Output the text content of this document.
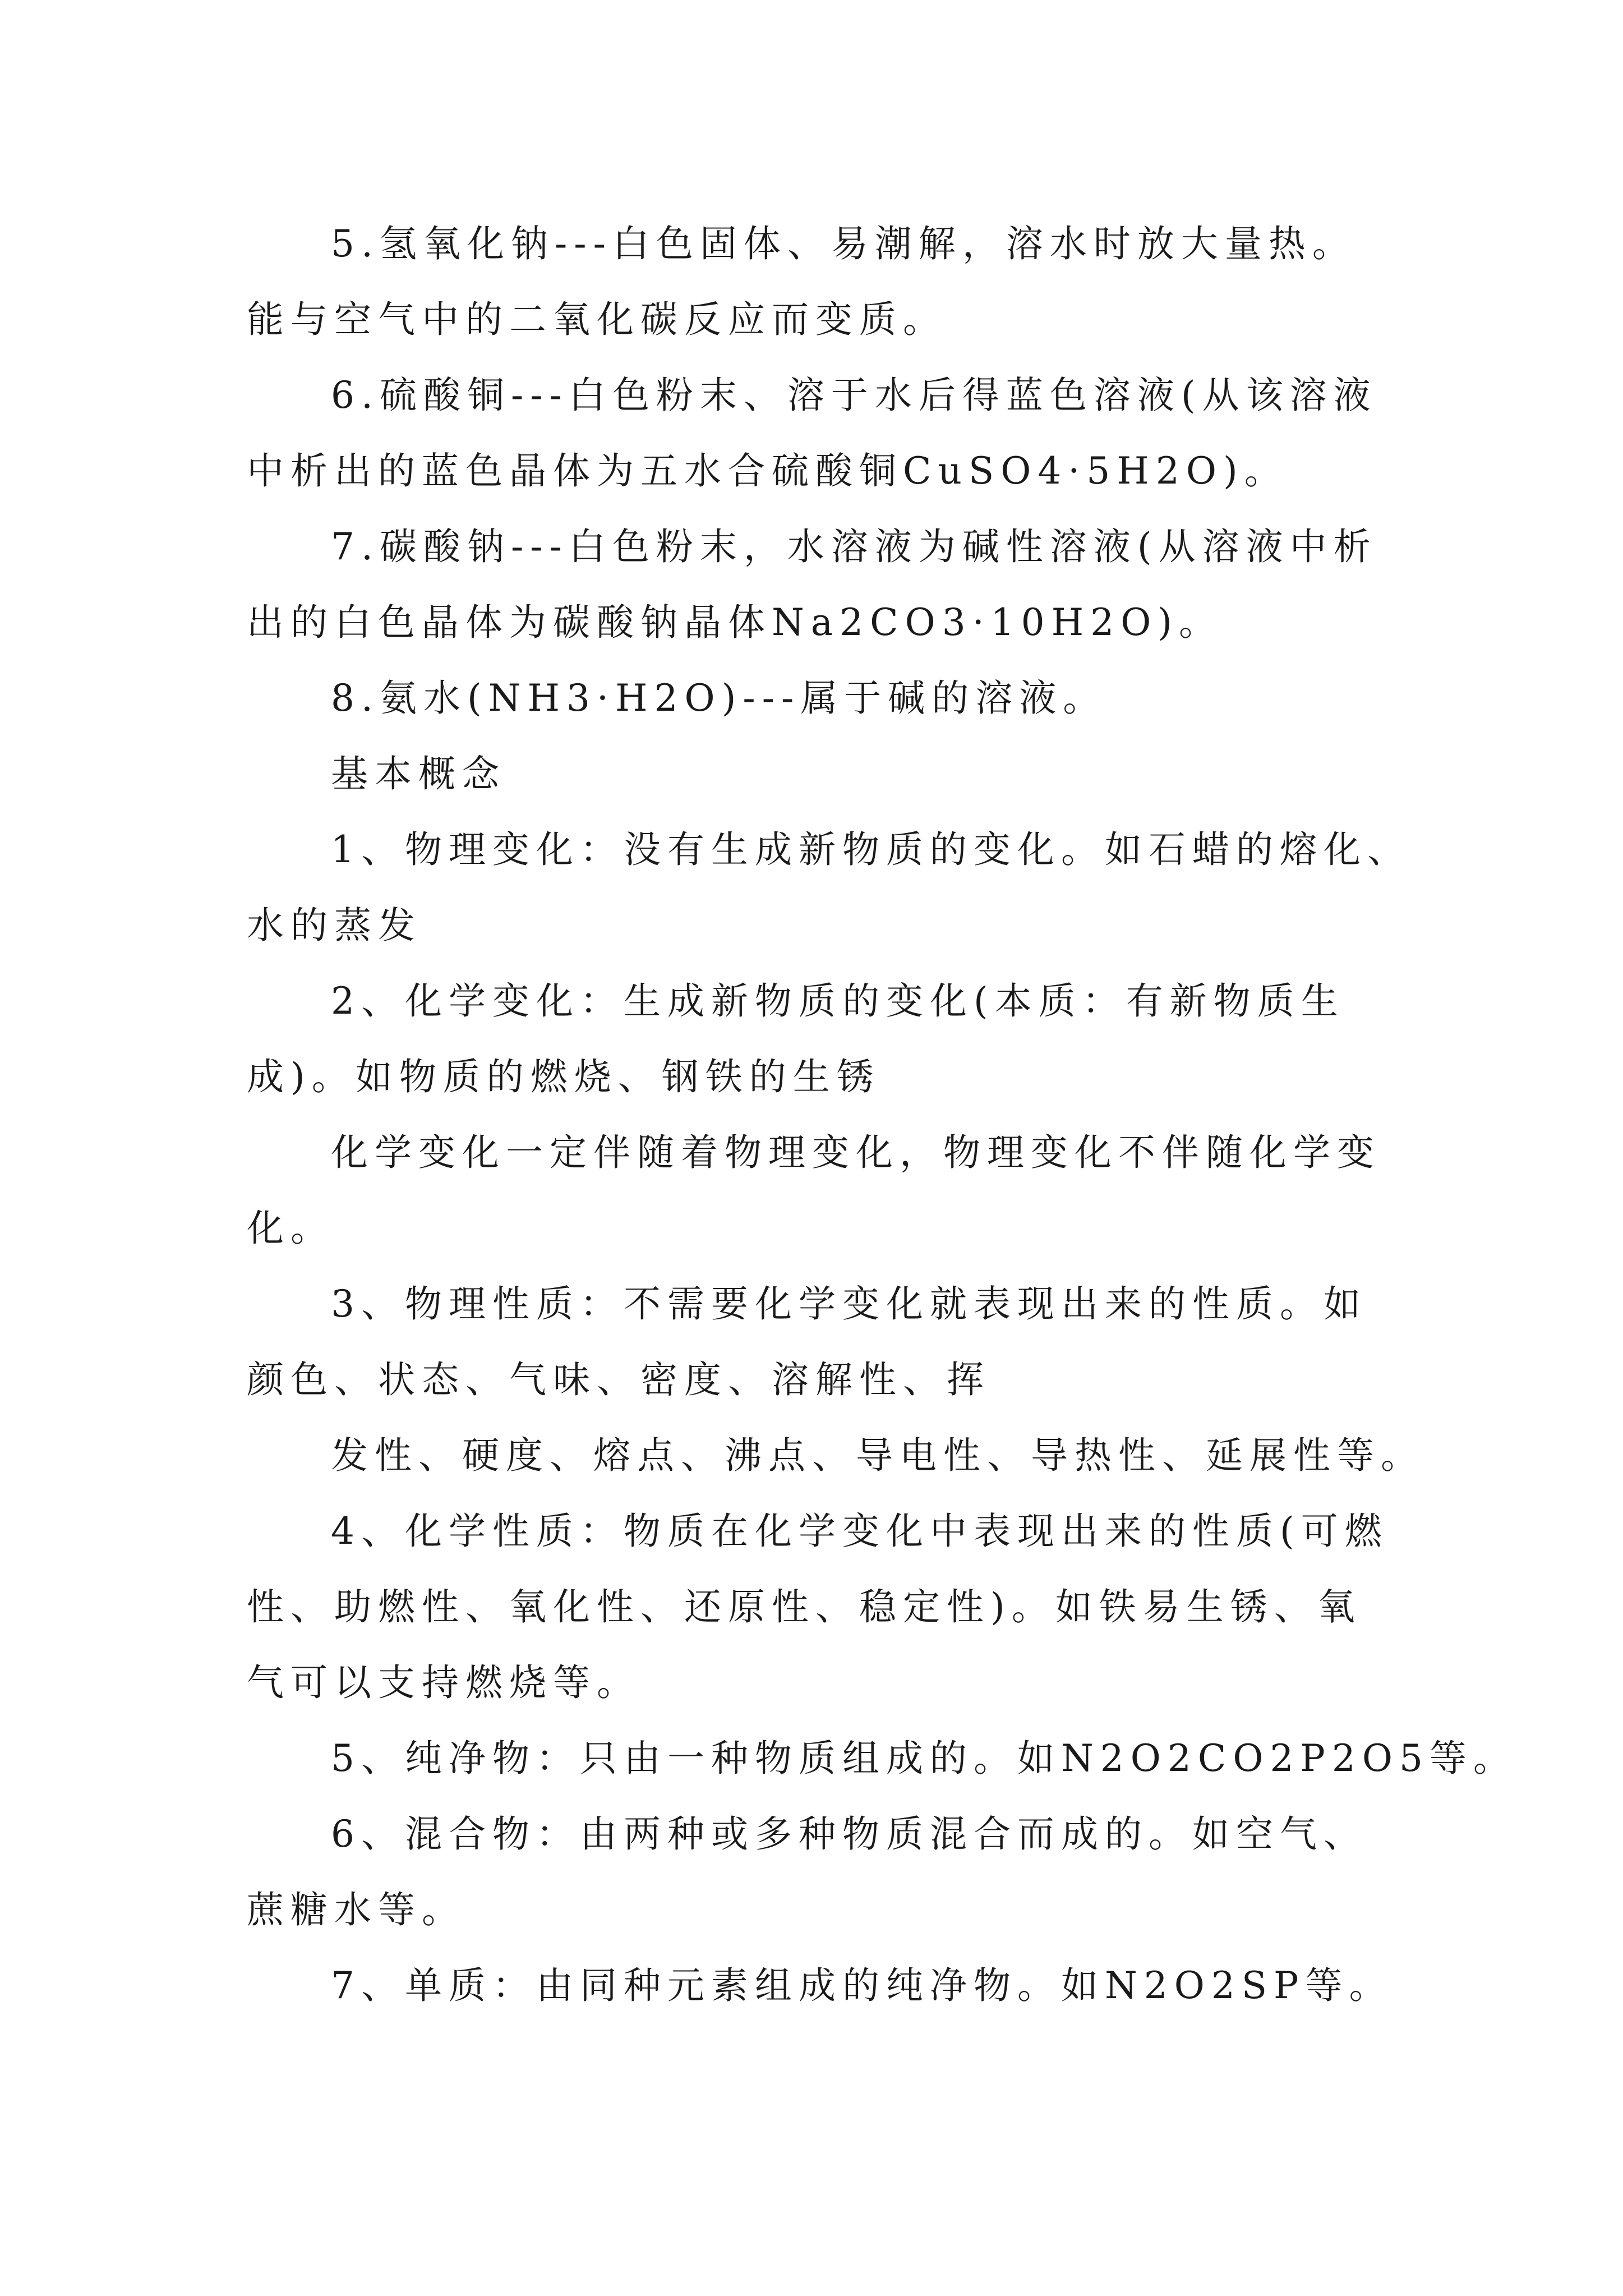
5.氢氧化钠---白色固体、易潮解，溶水时放大量热。
能与空气中的二氧化碳反应而变质。
6.硫酸铜---白色粉末、溶于水后得蓝色溶液(从该溶液
中析出的蓝色晶体为五水合硫酸铜CuSO4·5H2O)。
7.碳酸钠---白色粉末，水溶液为碱性溶液(从溶液中析
出的白色晶体为碳酸钠晶体Na2CO3·10H2O)。
8.氨水(NH3·H2O)---属于碱的溶液。
基本概念
1、物理变化：没有生成新物质的变化。如石蜡的熔化、
水的蒸发
2、化学变化：生成新物质的变化(本质：有新物质生
成)。如物质的燃烧、钢铁的生锈
化学变化一定伴随着物理变化，物理变化不伴随化学变
化。
3、物理性质：不需要化学变化就表现出来的性质。如
颜色、状态、气味、密度、溶解性、挥
发性、硬度、熔点、沸点、导电性、导热性、延展性等。
4、化学性质：物质在化学变化中表现出来的性质(可燃
性、助燃性、氧化性、还原性、稳定性)。如铁易生锈、氧
气可以支持燃烧等。
5、纯净物：只由一种物质组成的。如N2O2CO2P2O5等。
6、混合物：由两种或多种物质混合而成的。如空气、
蔗糖水等。
7、单质：由同种元素组成的纯净物。如N2O2SP等。
